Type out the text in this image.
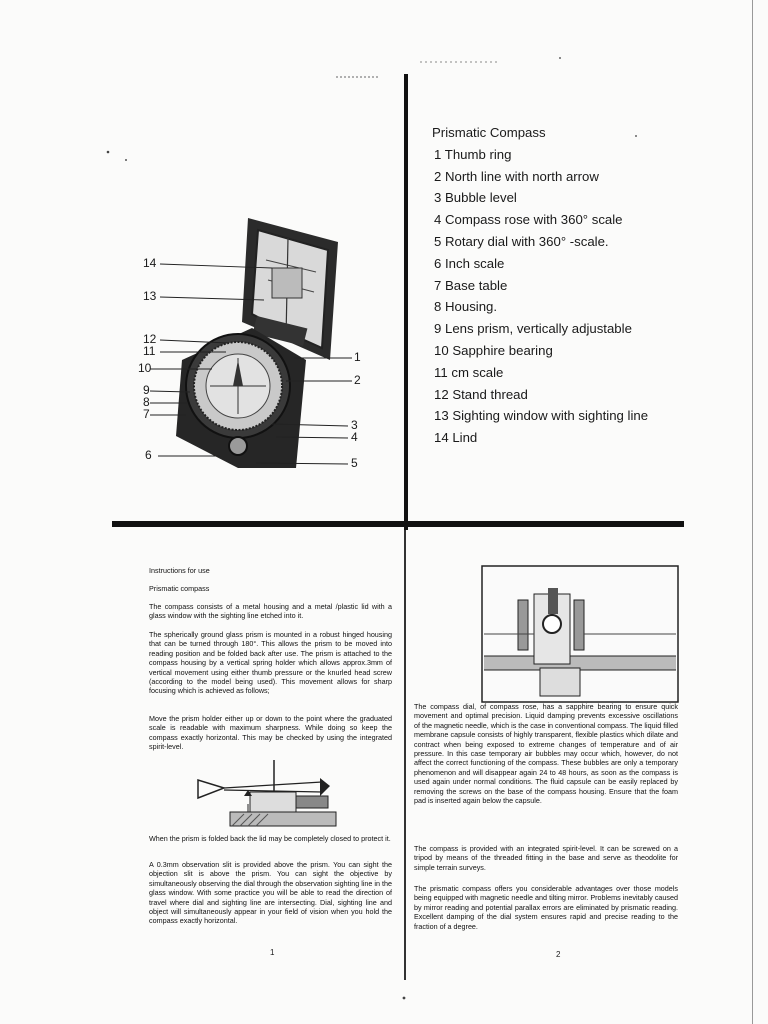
14
13
12
11
10
9
8
7
6
1
2
3
4
5
Prismatic Compass
1 Thumb ring
2 North line with north arrow
3 Bubble level
4 Compass rose with 360° scale
5 Rotary dial with 360° -scale.
6 Inch scale
7 Base table
8 Housing.
9 Lens prism, vertically adjustable
10 Sapphire bearing
11 cm scale
12 Stand thread
13 Sighting window with sighting line
14 Lind
Instructions for use
Prismatic compass

The compass consists of a metal housing and a metal /plastic lid with a glass window with the sighting line etched into it.

The spherically ground glass prism is mounted in a robust hinged housing that can be turned through 180°. This allows the prism to be moved into reading position and be folded back after use. The prism is attached to the compass housing by a vertical spring holder which allows approx.3mm of vertical movement using either thumb pressure or the knurled head screw (according to the model being used). This movement allows for sharp focusing which is achieved as follows;

Move the prism holder either up or down to the point where the graduated scale is readable with maximum sharpness. While doing so keep the compass exactly horizontal. This may be checked by using the integrated spirit-level.

When the prism is folded back the lid may be completely closed to protect it.

A 0.3mm observation slit is provided above the prism. You can sight the objection slit is above the prism. You can sight the objective by simultaneously observing the dial through the observation sighting line in the glass window. With some practice you will be able to read the direction of travel where dial and sighting line are intersecting. Dial, sighting line and object will simultaneously appear in your field of vision when you hold the compass exactly horizontal.

1

The compass dial, of compass rose, has a sapphire bearing to ensure quick movement and optimal precision. Liquid damping prevents excessive oscillations of the magnetic needle, which is the case in conventional compass. The liquid filled membrane capsule consists of highly transparent, flexible plastics which dilate and contract when being exposed to extreme changes of temperature and of air pressure. In this case temporary air bubbles may occur which, however, do not affect the correct functioning of the compass. These bubbles are only a temporary phenomenon and will disappear again 24 to 48 hours, as soon as the compass is used again under normal conditions. The fluid capsule can be easily replaced by removing the screws on the base of the compass housing. Ensure that the foam pad is inserted again below the capsule.

The compass is provided with an integrated spirit-level. It can be screwed on a tripod by means of the threaded fitting in the base and serve as theodolite for simple terrain surveys.

The prismatic compass offers you considerable advantages over those models being equipped with magnetic needle and tilting mirror. Problems inevitably caused by mirror reading and potential parallax errors are eliminated by prismatic reading. Excellent damping of the dial system ensures rapid and precise reading to the fraction of a degree.

2
